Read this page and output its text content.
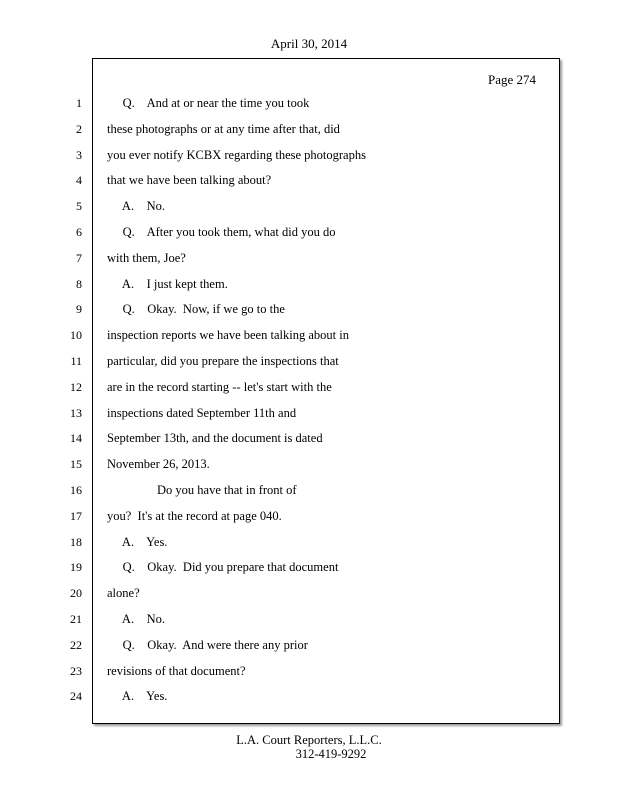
April 30, 2014
Page 274
1
2
3
4
5
6
7
8
9
10
11
12
13
14
15
16
17
18
19
20
21
22
23
24
Q.    And at or near the time you took
these photographs or at any time after that, did
you ever notify KCBX regarding these photographs
that we have been talking about?
A.    No.
Q.    After you took them, what did you do
with them, Joe?
A.    I just kept them.
Q.    Okay.  Now, if we go to the
inspection reports we have been talking about in
particular, did you prepare the inspections that
are in the record starting -- let's start with the
inspections dated September 11th and
September 13th, and the document is dated
November 26, 2013.
Do you have that in front of
you?  It's at the record at page 040.
A.    Yes.
Q.    Okay.  Did you prepare that document
alone?
A.    No.
Q.    Okay.  And were there any prior
revisions of that document?
A.    Yes.
L.A. Court Reporters, L.L.C.
312-419-9292
